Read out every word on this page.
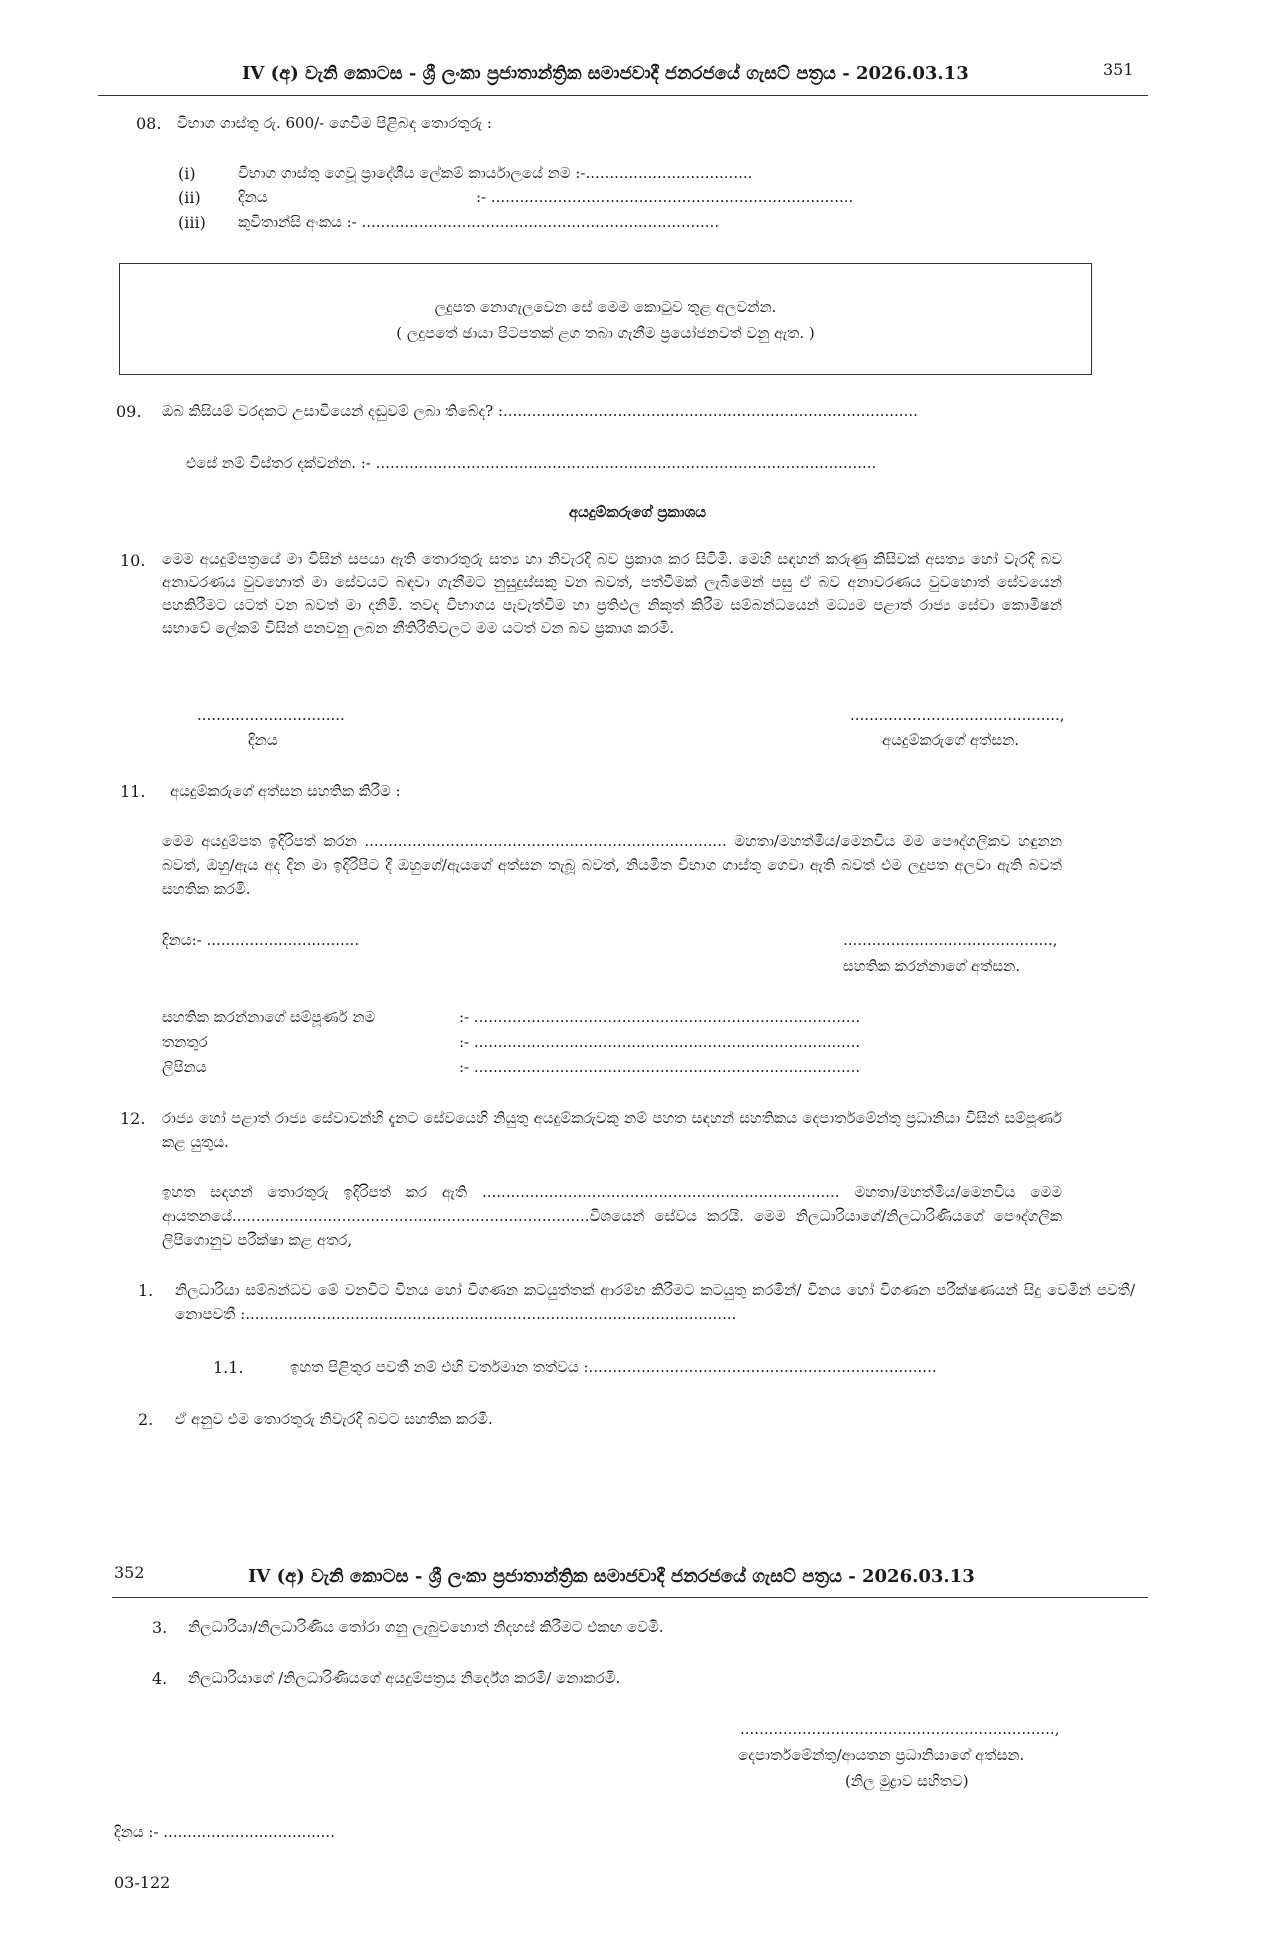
IV (අ) වැනි කොටස - ශ්‍රී ලංකා ප්‍රජාතාන්ත්‍රික සමාජවාදී ජනරජයේ ගැසට් පත්‍රය - 2026.03.13	351
08. විභාග ගාස්තු රු. 600/- ගෙවීම පිළිබඳ තොරතුරු :
(i)	විභාග ගාස්තු ගෙවූ ප්‍රාදේශීය ලේකම් කාර්යාලයේ නම :-...................................
(ii) දිනය	:- ............................................................................
(iii) කුවිතාන්සි අංකය :- ...........................................................................
ලදුපත නොගැලවෙන සේ මෙම කොටුව තුළ අලවන්න.
( ලදුපතේ ඡායා පිටපතක් ළග තබා ගැනීම ප්‍රයෝජනවත් වනු ඇත. )
09. ඔබ කිසියම් වරදකට උසාවියෙන් දඬුවම් ලබා තිබේද? :.......................................................................................
එසේ නම් විස්තර දක්වන්න. :- .........................................................................................................
අයදුම්කරුගේ ප්‍රකාශය
10. මෙම අයදුම්පත්‍රයේ මා විසින් සපයා ඇති තොරතුරු සත්‍ය හා නිවැරදි බව ප්‍රකාශ කර සිටිමි. මෙහි සඳහන් කරුණු කිසිවක් අසත්‍ය හෝ වැරදි බව අනාවරණය වුවහොත් මා සේවයට බඳවා ගැනීමට නුසුදුස්සකු වන බවත්, පත්වීමක් ලැබීමෙන් පසු ඒ බව අනාවරණය වුවහොත් සේවයෙන් පහකිරීමට යටත් වන බවත් මා දනිමි. තවද විභාගය පැවැත්වීම හා ප්‍රතිඵල නිකුත් කිරීම සම්බන්ධයෙන් මධ්‍යම පළාත් රාජ්‍ය සේවා කොමිෂන් සභාවේ ලේකම් විසින් පනවනු ලබන නීතිරීතිවලට මම යටත් වන බව ප්‍රකාශ කරමි.
...............................
දිනය
............................................,
අයදුම්කරුගේ අත්සන.
11. අයදුම්කරුගේ අත්සන සහතික කිරීම :
මෙම අයදුම්පත ඉදිරිපත් කරන ............................................................................ මහතා/මහත්මිය/මෙනවිය මම පෞද්ගලිකව හඳුනන බවත්, ඔහු/ඇය අද දින මා ඉදිරිපිට දී ඔහුගේ/ඇයගේ අත්සන තැබූ බවත්, නියමිත විභාග ගාස්තු ගෙවා ඇති බවත් එම ලදුපත අලවා ඇති බවත් සහතික කරමි.
දිනය:- ................................	............................................,
සහතික කරන්නාගේ අත්සන.
සහතික කරන්නාගේ සම්පූර්ණ නම	:- .................................................................................
තනතුර	:- .................................................................................
ලිපිනය	:- .................................................................................
12. රාජ්‍ය හෝ පළාත් රාජ්‍ය සේවාවන්හි දැනට සේවයෙහි නියුතු අයදුම්කරුවකු නම් පහත සඳහන් සහතිකය දෙපාර්තමේන්තු ප්‍රධානියා විසින් සම්පූර්ණ කළ යුතුය.
ඉහත සඳහන් තොරතුරු ඉදිරිපත් කර ඇති ........................................................................... මහතා/මහත්මිය/මෙනවිය මෙම ආයතනයේ...........................................................................විශයෙන් සේවය කරයි. මෙම නිලධාරියාගේ/නිලධාරිණියගේ පෞද්ගලික ලිපිගොනුව පරීක්ෂා කළ අතර,
1. නිලධාරියා සම්බන්ධව මේ වනවිට විනය හෝ විගණන කටයුත්තක් ආරම්භ කිරීමට කටයුතු කරමින්/ විනය හෝ විගණන පරීක්ෂණයන් සිදු වෙමින් පවතී/නොපවතී :.......................................................................................................
1.1.	ඉහත පිළිතුර පවතී නම් එහි වර්තමාන තත්වය :.........................................................................
2. ඒ අනුව එම තොරතුරු නිවැරදි බවට සහතික කරමි.
352	IV (අ) වැනි කොටස - ශ්‍රී ලංකා ප්‍රජාතාන්ත්‍රික සමාජවාදී ජනරජයේ ගැසට් පත්‍රය - 2026.03.13
3. නිලධාරියා/නිලධාරිණිය තෝරා ගනු ලැබුවහොත් නිදහස් කිරීමට එකඟ වෙමි.
4. නිලධාරියාගේ /නිලධාරිණියගේ අයදුම්පත්‍රය නිර්දේශ කරමි/ නොකරමි.
..................................................................,
දෙපාර්තමේන්තු/ආයතන ප්‍රධානියාගේ අත්සන.
(නිල මුද්‍රාව සහිතව)
දිනය :- ....................................
03-122
